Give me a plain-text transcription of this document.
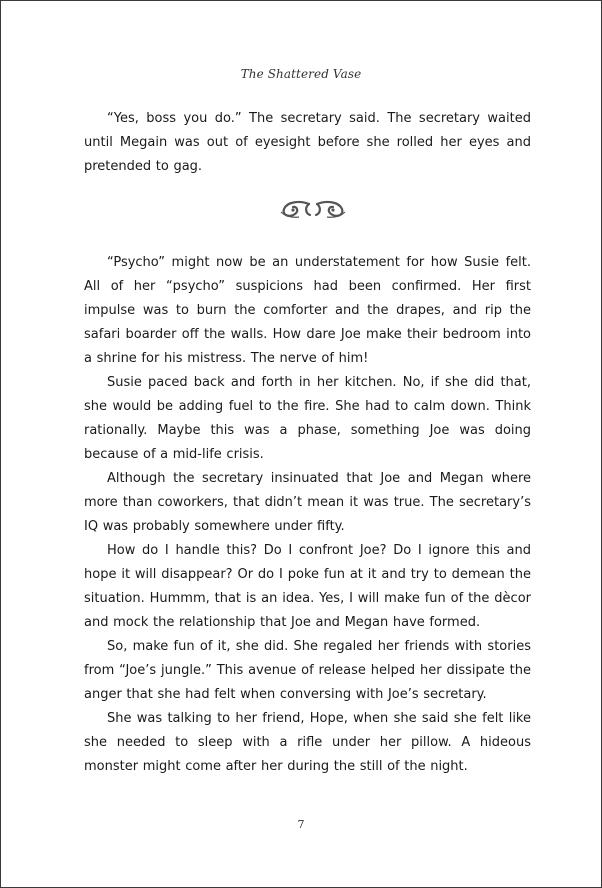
The Shattered Vase

“Yes, boss you do.” The secretary said. The secretary waited until Megain was out of eyesight before she rolled her eyes and pretended to gag.

“Psycho” might now be an understatement for how Susie felt. All of her “psycho” suspicions had been confirmed. Her first impulse was to burn the comforter and the drapes, and rip the safari boarder off the walls. How dare Joe make their bedroom into a shrine for his mistress. The nerve of him!

Susie paced back and forth in her kitchen. No, if she did that, she would be adding fuel to the fire. She had to calm down. Think rationally. Maybe this was a phase, something Joe was doing because of a mid-life crisis.

Although the secretary insinuated that Joe and Megan where more than coworkers, that didn’t mean it was true. The secretary’s IQ was probably somewhere under fifty.

How do I handle this? Do I confront Joe? Do I ignore this and hope it will disappear? Or do I poke fun at it and try to demean the situation. Hummm, that is an idea. Yes, I will make fun of the dècor and mock the relationship that Joe and Megan have formed.

So, make fun of it, she did. She regaled her friends with stories from “Joe’s jungle.” This avenue of release helped her dissipate the anger that she had felt when conversing with Joe’s secretary.

She was talking to her friend, Hope, when she said she felt like she needed to sleep with a rifle under her pillow. A hideous monster might come after her during the still of the night.

7
